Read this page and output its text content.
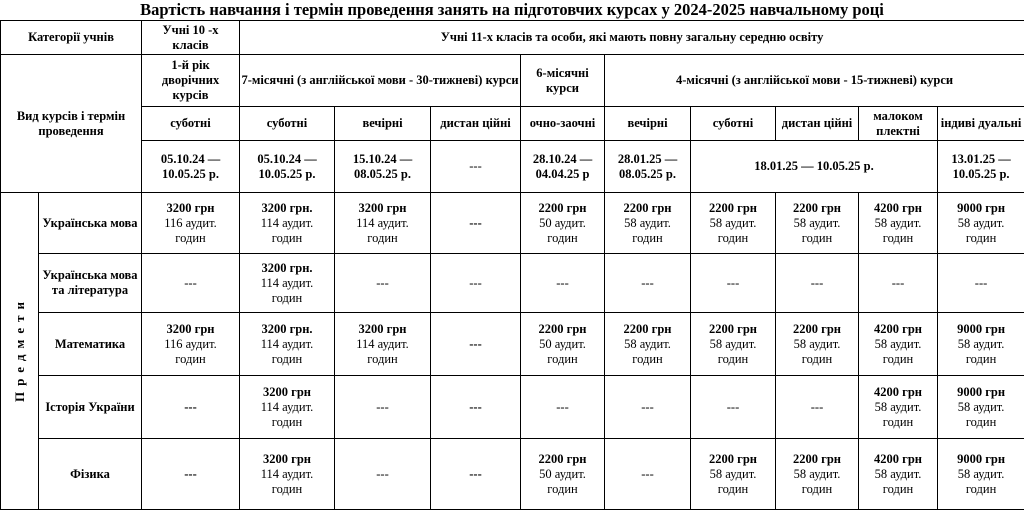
Вартість навчання і термін проведення занять на підготовчих курсах у 2024-2025 навчальному році
Категорії учнів		Учні 10 -х класів	Учні 11-х класів та особи, які мають повну загальну середню освіту								
Вид курсів і термін проведення		1-й рік дворічних курсів	7-місячні (з англійської мови - 30-тижневі) курси			6-місячні курси	4-місячні (з англійської мови - 15-тижневі) курси				
		суботні	суботні	вечірні	дистан ційні	очно-заочні	вечірні	суботні	дистан ційні	малоком плектні	індиві дуальні
		05.10.24 — 10.05.25 р.	05.10.24 — 10.05.25 р.	15.10.24 — 08.05.25 р.	---	28.10.24 — 04.04.25 р	28.01.25 — 08.05.25 р.	18.01.25 — 10.05.25 р.			13.01.25 — 10.05.25 р.
Предмети	Українська мова	3200 грн
116 аудит.
годин	3200 грн.
114 аудит.
годин	3200 грн
114 аудит.
годин	---	2200 грн
50 аудит.
годин	2200 грн
58 аудит.
годин	2200 грн
58 аудит.
годин	2200 грн
58 аудит.
годин	4200 грн
58 аудит.
годин	9000 грн
58 аудит.
годин

	Українська мова та література	---	3200 грн.
114 аудит.
годин	---	---	---	---	---	---	---	---
	Математика	3200 грн
116 аудит.
годин	3200 грн.
114 аудит.
годин	3200 грн
114 аудит.
годин	---	2200 грн
50 аудит.
годин	2200 грн
58 аудит.
годин	2200 грн
58 аудит.
годин	2200 грн
58 аудит.
годин	4200 грн
58 аудит.
годин	9000 грн
58 аудит.
годин

	Історія України	---	3200 грн
114 аудит.
годин	---	---	---	---	---	---	4200 грн
58 аудит.
годин	9000 грн
58 аудит.
годин

	Фізика	---	3200 грн
114 аудит.
годин	---	---	2200 грн
50 аудит.
годин	---	2200 грн
58 аудит.
годин	2200 грн
58 аудит.
годин	4200 грн
58 аудит.
годин	9000 грн
58 аудит.
годин
